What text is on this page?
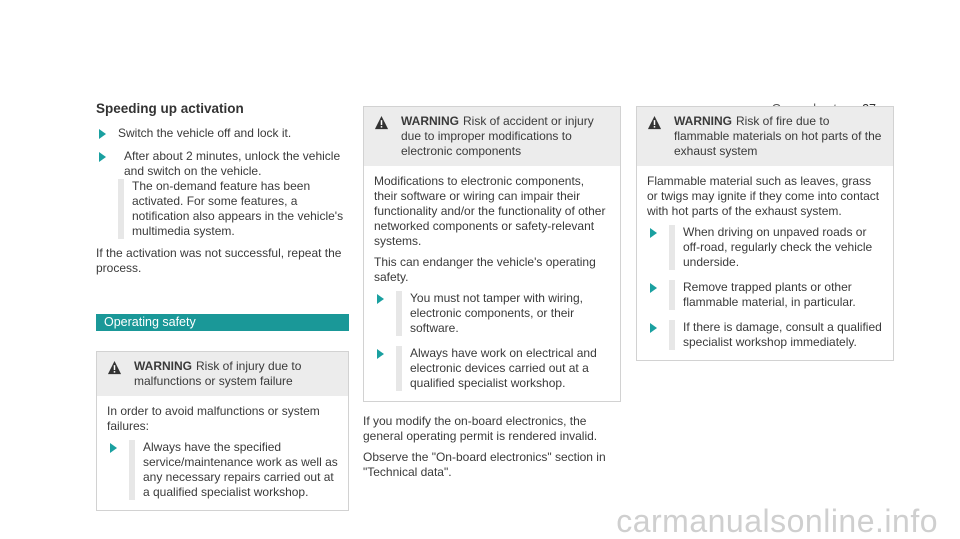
Speeding up activation

Switch the vehicle off and lock it.

After about 2 minutes, unlock the vehicle and switch on the vehicle.

The on-demand feature has been activated. For some features, a notification also appears in the vehicle's multimedia system.

If the activation was not successful, repeat the process.

Operating safety

WARNING Risk of injury due to malfunctions or system failure

In order to avoid malfunctions or system failures:

Always have the specified service/maintenance work as well as any necessary repairs carried out at a qualified specialist workshop.

WARNING Risk of accident or injury due to improper modifications to electronic components

Modifications to electronic components, their software or wiring can impair their functionality and/or the functionality of other networked components or safety-relevant systems.

This can endanger the vehicle's operating safety.

You must not tamper with wiring, electronic components, or their software.

Always have work on electrical and electronic devices carried out at a qualified specialist workshop.

If you modify the on-board electronics, the general operating permit is rendered invalid.

Observe the "On-board electronics" section in "Technical data".

WARNING Risk of fire due to flammable materials on hot parts of the exhaust system

Flammable material such as leaves, grass or twigs may ignite if they come into contact with hot parts of the exhaust system.

When driving on unpaved roads or off-road, regularly check the vehicle underside.

Remove trapped plants or other flammable material, in particular.

If there is damage, consult a qualified specialist workshop immediately.

carmanualsonline.info
